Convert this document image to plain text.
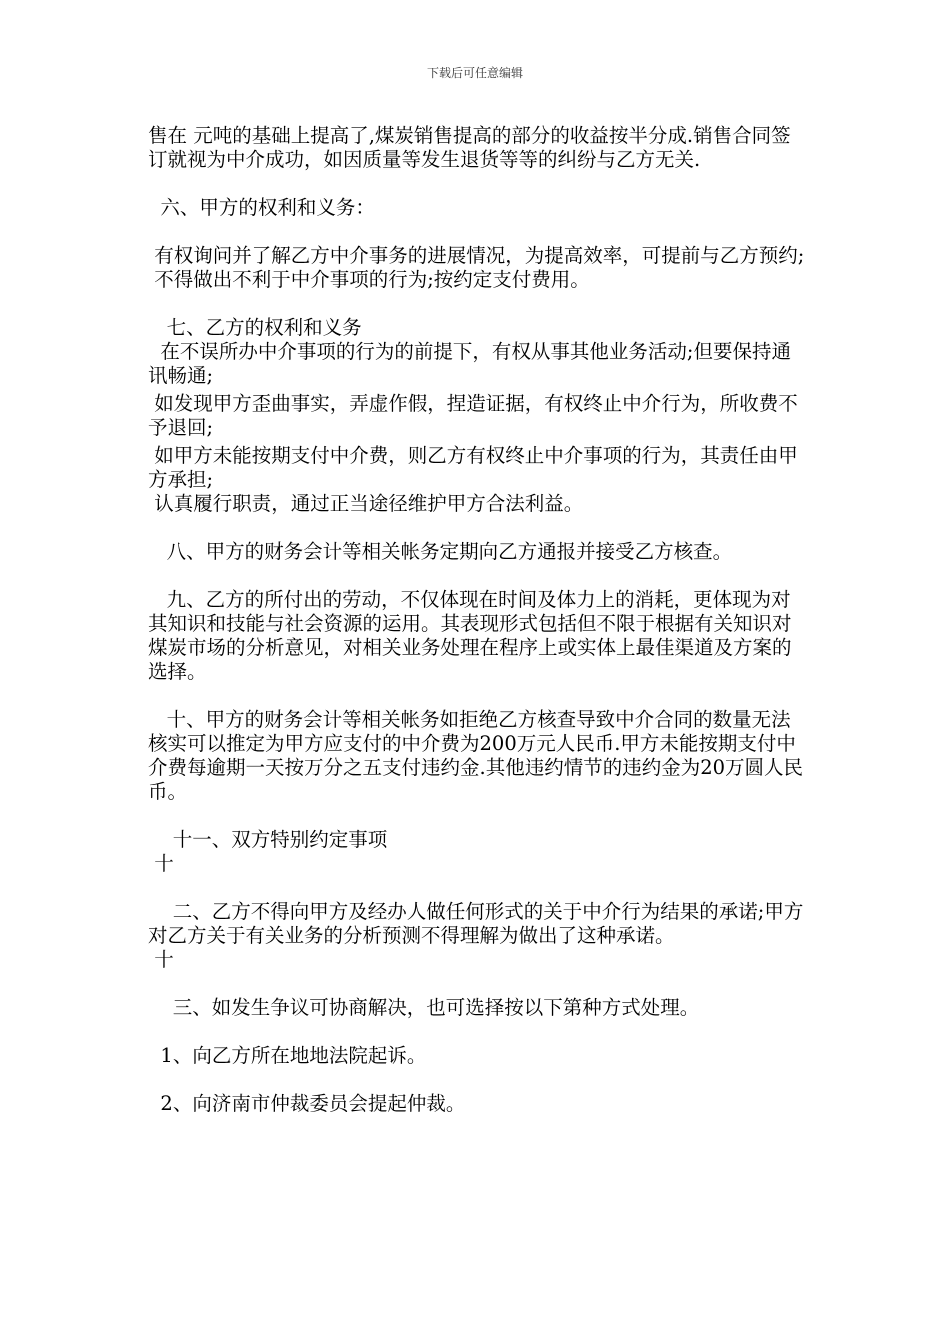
下载后可任意编辑

售在 元吨的基础上提高了,煤炭销售提高的部分的收益按半分成.销售合同签订就视为中介成功，如因质量等发生退货等等的纠纷与乙方无关.

六、甲方的权利和义务：

有权询问并了解乙方中介事务的进展情况，为提高效率，可提前与乙方预约;

不得做出不利于中介事项的行为;按约定支付费用。

七、乙方的权利和义务

在不误所办中介事项的行为的前提下，有权从事其他业务活动;但要保持通讯畅通;

如发现甲方歪曲事实，弄虚作假，捏造证据，有权终止中介行为，所收费不予退回;

如甲方未能按期支付中介费，则乙方有权终止中介事项的行为，其责任由甲方承担;

认真履行职责，通过正当途径维护甲方合法利益。

八、甲方的财务会计等相关帐务定期向乙方通报并接受乙方核查。

九、乙方的所付出的劳动，不仅体现在时间及体力上的消耗，更体现为对其知识和技能与社会资源的运用。其表现形式包括但不限于根据有关知识对煤炭市场的分析意见，对相关业务处理在程序上或实体上最佳渠道及方案的选择。

十、甲方的财务会计等相关帐务如拒绝乙方核查导致中介合同的数量无法核实可以推定为甲方应支付的中介费为200万元人民币.甲方未能按期支付中介费每逾期一天按万分之五支付违约金.其他违约情节的违约金为20万圆人民币。

十一、双方特别约定事项

十

二、乙方不得向甲方及经办人做任何形式的关于中介行为结果的承诺;甲方对乙方关于有关业务的分析预测不得理解为做出了这种承诺。

十

三、如发生争议可协商解决，也可选择按以下第种方式处理。

1、向乙方所在地地法院起诉。

2、向济南市仲裁委员会提起仲裁。
